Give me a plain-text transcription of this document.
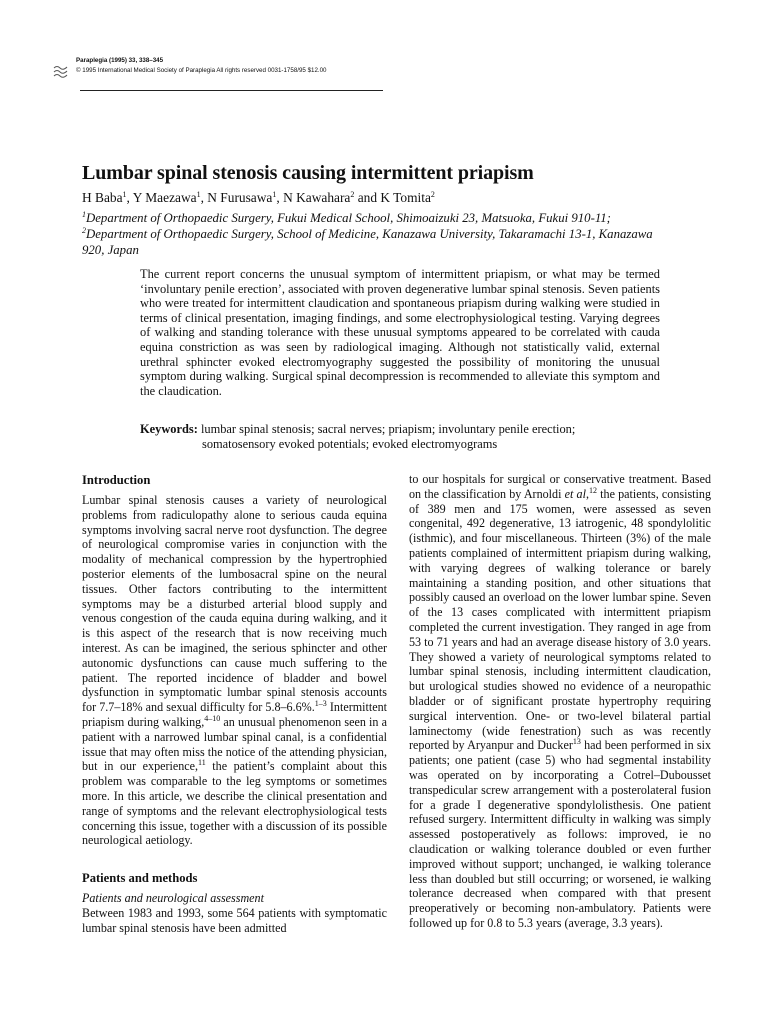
Paraplegia (1995) 33, 338–345
© 1995 International Medical Society of Paraplegia All rights reserved 0031-1758/95 $12.00
Lumbar spinal stenosis causing intermittent priapism
H Baba$^1$, Y Maezawa$^1$, N Furusawa$^1$, N Kawahara$^2$ and K Tomita$^2$
$^1$Department of Orthopaedic Surgery, Fukui Medical School, Shimoaizuki 23, Matsuoka, Fukui 910-11;
$^2$Department of Orthopaedic Surgery, School of Medicine, Kanazawa University, Takaramachi 13-1, Kanazawa
920, Japan

The current report concerns the unusual symptom of intermittent priapism, or what may be termed ‘involuntary penile erection’, associated with proven degenerative lumbar spinal stenosis. Seven patients who were treated for intermittent claudication and spontaneous priapism during walking were studied in terms of clinical presentation, imaging findings, and some electrophysiological testing. Varying degrees of walking and standing tolerance with these unusual symptoms appeared to be correlated with cauda equina constriction as was seen by radiological imaging. Although not statistically valid, external urethral sphincter evoked electromyography suggested the possibility of monitoring the unusual symptom during walking. Surgical spinal decompression is recommended to alleviate this symptom and the claudication.

Keywords: lumbar spinal stenosis; sacral nerves; priapism; involuntary penile erection;
somatosensory evoked potentials; evoked electromyograms
Introduction

Lumbar spinal stenosis causes a variety of neurological problems from radiculopathy alone to serious cauda equina symptoms involving sacral nerve root dysfunction. The degree of neurological compromise varies in conjunction with the modality of mechanical compression by the hypertrophied posterior elements of the lumbosacral spine on the neural tissues. Other factors contributing to the intermittent symptoms may be a disturbed arterial blood supply and venous congestion of the cauda equina during walking, and it is this aspect of the research that is now receiving much interest. As can be imagined, the serious sphincter and other autonomic dysfunctions can cause much suffering to the patient. The reported incidence of bladder and bowel dysfunction in symptomatic lumbar spinal stenosis accounts for 7.7–18% and sexual difficulty for 5.8–6.6%.$^{1-3}$ Intermittent priapism during walking,$^{4-10}$ an unusual phenomenon seen in a patient with a narrowed lumbar spinal canal, is a confidential issue that may often miss the notice of the attending physician, but in our experience,$^{11}$ the patient’s complaint about this problem was comparable to the leg symptoms or sometimes more. In this article, we describe the clinical presentation and range of symptoms and the relevant electrophysiological tests concerning this issue, together with a discussion of its possible neurological aetiology.

Patients and methods
Patients and neurological assessment

Between 1983 and 1993, some 564 patients with symptomatic lumbar spinal stenosis have been admitted

to our hospitals for surgical or conservative treatment. Based on the classification by Arnoldi et al,$^{12}$ the patients, consisting of 389 men and 175 women, were assessed as seven congenital, 492 degenerative, 13 iatrogenic, 48 spondylolitic (isthmic), and four miscellaneous. Thirteen (3%) of the male patients complained of intermittent priapism during walking, with varying degrees of walking tolerance or barely maintaining a standing position, and other situations that possibly caused an overload on the lower lumbar spine. Seven of the 13 cases complicated with intermittent priapism completed the current investigation. They ranged in age from 53 to 71 years and had an average disease history of 3.0 years. They showed a variety of neurological symptoms related to lumbar spinal stenosis, including intermittent claudication, but urological studies showed no evidence of a neuropathic bladder or of significant prostate hypertrophy requiring surgical intervention. One- or two-level bilateral partial laminectomy (wide fenestration) such as was recently reported by Aryanpur and Ducker$^{13}$ had been performed in six patients; one patient (case 5) who had segmental instability was operated on by incorporating a Cotrel–Dubousset transpedicular screw arrangement with a posterolateral fusion for a grade I degenerative spondylolisthesis. One patient refused surgery. Intermittent difficulty in walking was simply assessed postoperatively as follows: improved, ie no claudication or walking tolerance doubled or even further improved without support; unchanged, ie walking tolerance less than doubled but still occurring; or worsened, ie walking tolerance decreased when compared with that present preoperatively or becoming non-ambulatory. Patients were followed up for 0.8 to 5.3 years (average, 3.3 years).
